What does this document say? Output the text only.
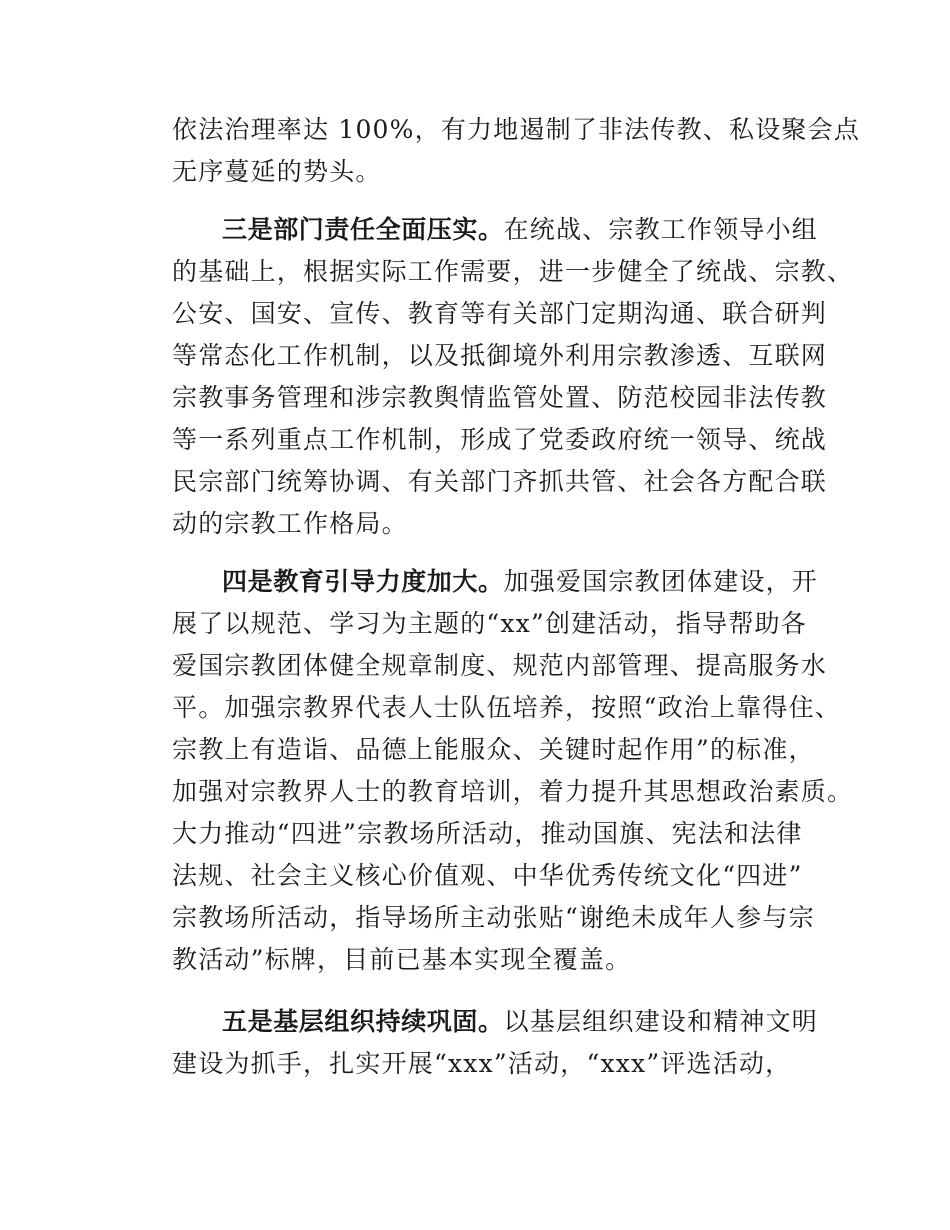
依法治理率达 100%，有力地遏制了非法传教、私设聚会点
无序蔓延的势头。
三是部门责任全面压实。在统战、宗教工作领导小组
的基础上，根据实际工作需要，进一步健全了统战、宗教、
公安、国安、宣传、教育等有关部门定期沟通、联合研判
等常态化工作机制，以及抵御境外利用宗教渗透、互联网
宗教事务管理和涉宗教舆情监管处置、防范校园非法传教
等一系列重点工作机制，形成了党委政府统一领导、统战
民宗部门统筹协调、有关部门齐抓共管、社会各方配合联
动的宗教工作格局。
四是教育引导力度加大。加强爱国宗教团体建设，开
展了以规范、学习为主题的“xx”创建活动，指导帮助各
爱国宗教团体健全规章制度、规范内部管理、提高服务水
平。加强宗教界代表人士队伍培养，按照“政治上靠得住、
宗教上有造诣、品德上能服众、关键时起作用”的标准，
加强对宗教界人士的教育培训，着力提升其思想政治素质。
大力推动“四进”宗教场所活动，推动国旗、宪法和法律
法规、社会主义核心价值观、中华优秀传统文化“四进”
宗教场所活动，指导场所主动张贴“谢绝未成年人参与宗
教活动”标牌，目前已基本实现全覆盖。
五是基层组织持续巩固。以基层组织建设和精神文明
建设为抓手，扎实开展“xxx”活动，“xxx”评选活动，
